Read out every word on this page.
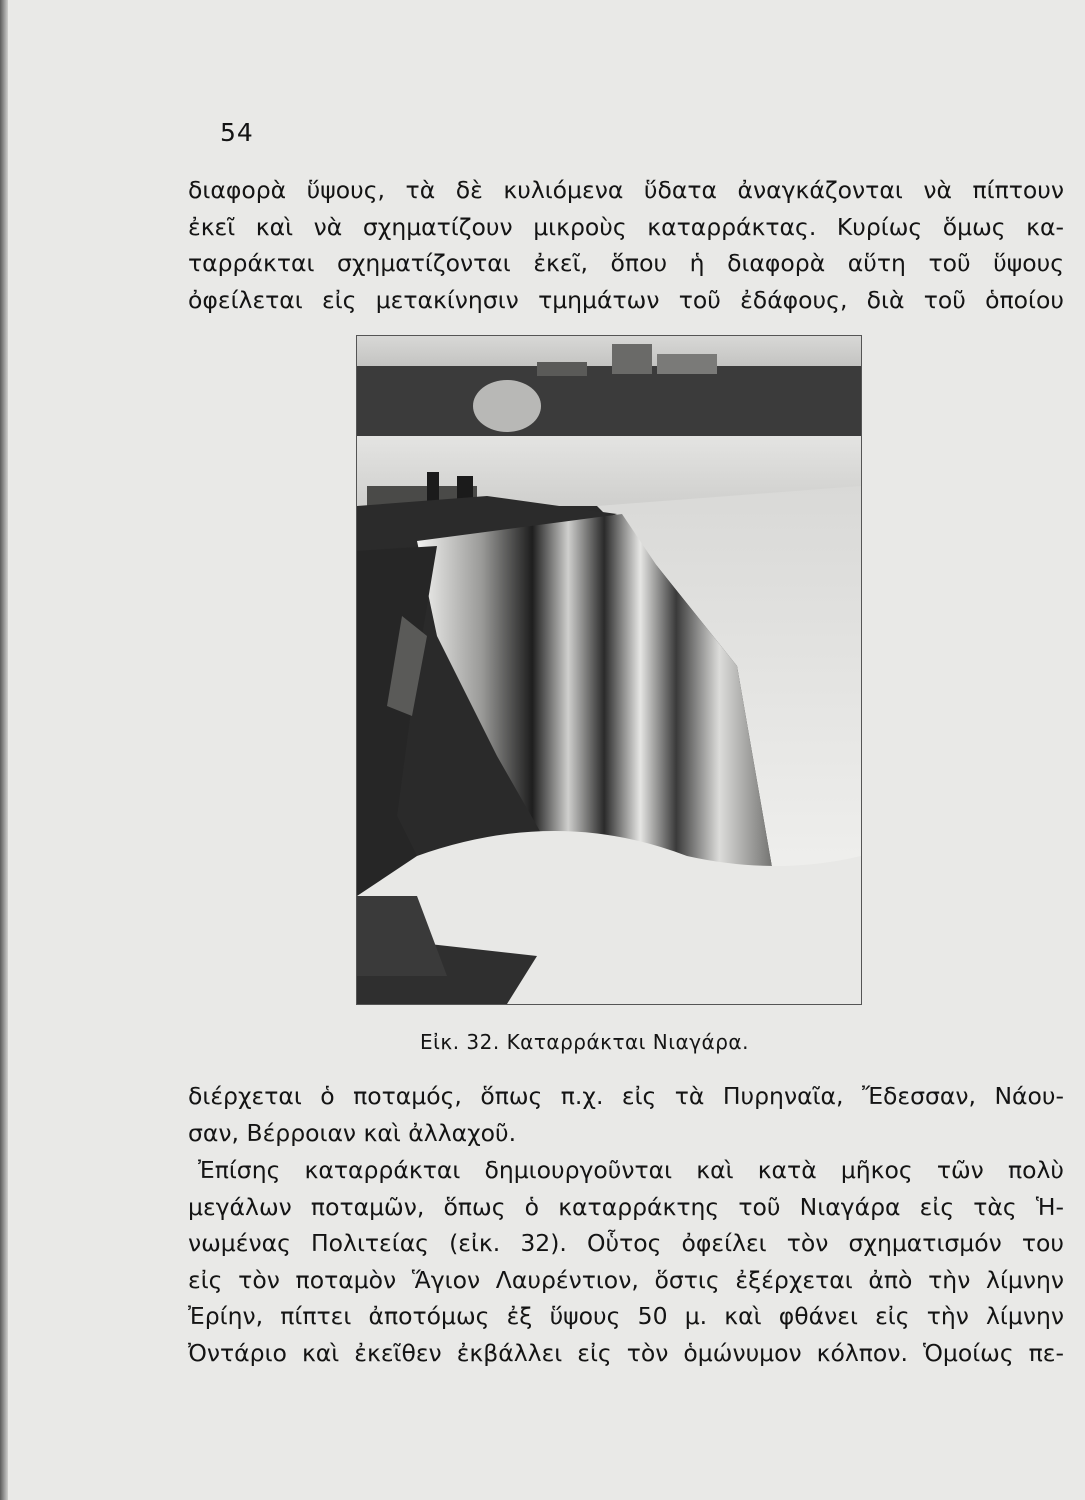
54
διαφορὰ ὕψους, τὰ δὲ κυλιόμενα ὕδατα ἀναγκάζονται νὰ πίπτουν
ἐκεῖ καὶ νὰ σχηματίζουν μικροὺς καταρράκτας. Κυρίως ὅμως κα-
ταρράκται σχηματίζονται ἐκεῖ, ὅπου ἡ διαφορὰ αὕτη τοῦ ὕψους
ὀφείλεται εἰς μετακίνησιν τμημάτων τοῦ ἐδάφους, διὰ τοῦ ὁποίου
Εἰκ. 32. Καταρράκται Νιαγάρα.
διέρχεται ὁ ποταμός, ὅπως π.χ. εἰς τὰ Πυρηναῖα, Ἔδεσσαν, Νάου-
σαν, Βέρροιαν καὶ ἀλλαχοῦ.
Ἐπίσης καταρράκται δημιουργοῦνται καὶ κατὰ μῆκος τῶν πολὺ
μεγάλων ποταμῶν, ὅπως ὁ καταρράκτης τοῦ Νιαγάρα εἰς τὰς Ἡ-
νωμένας Πολιτείας (εἰκ. 32). Οὗτος ὀφείλει τὸν σχηματισμόν του
εἰς τὸν ποταμὸν Ἅγιον Λαυρέντιον, ὅστις ἐξέρχεται ἀπὸ τὴν λίμνην
Ἐρίην, πίπτει ἀποτόμως ἐξ ὕψους 50 μ. καὶ φθάνει εἰς τὴν λίμνην
Ὀντάριο καὶ ἐκεῖθεν ἐκβάλλει εἰς τὸν ὁμώνυμον κόλπον. Ὁμοίως πε-
